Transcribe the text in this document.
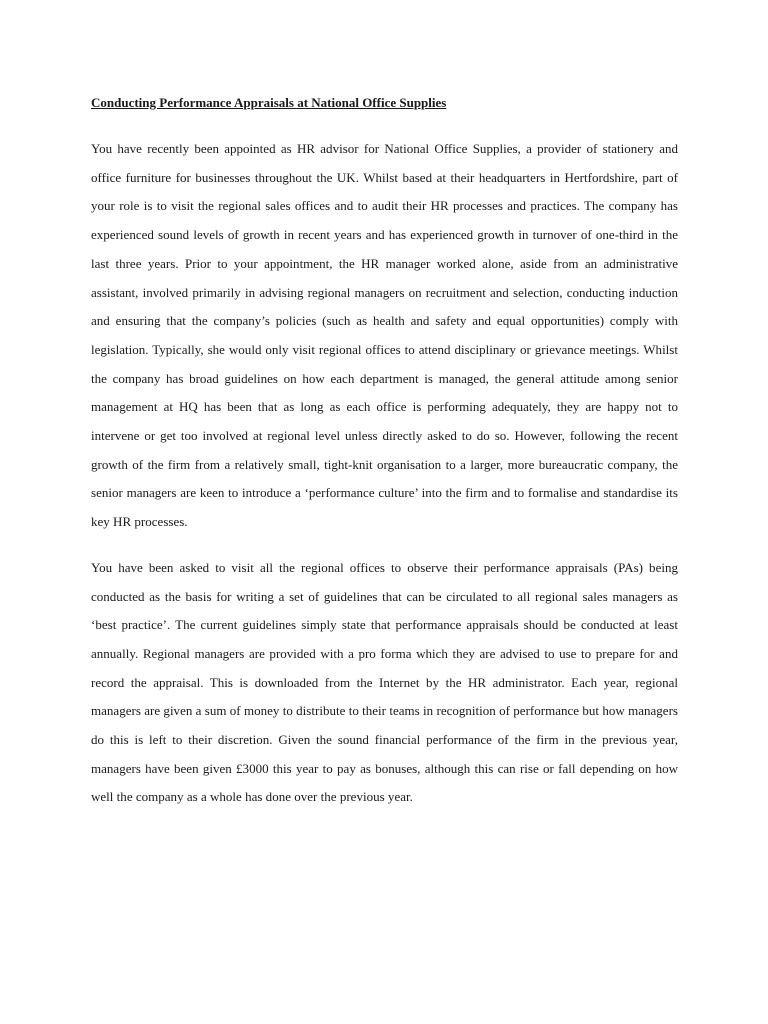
Conducting Performance Appraisals at National Office Supplies

You have recently been appointed as HR advisor for National Office Supplies, a provider of stationery and office furniture for businesses throughout the UK. Whilst based at their headquarters in Hertfordshire, part of your role is to visit the regional sales offices and to audit their HR processes and practices. The company has experienced sound levels of growth in recent years and has experienced growth in turnover of one-third in the last three years. Prior to your appointment, the HR manager worked alone, aside from an administrative assistant, involved primarily in advising regional managers on recruitment and selection, conducting induction and ensuring that the company’s policies (such as health and safety and equal opportunities) comply with legislation. Typically, she would only visit regional offices to attend disciplinary or grievance meetings. Whilst the company has broad guidelines on how each department is managed, the general attitude among senior management at HQ has been that as long as each office is performing adequately, they are happy not to intervene or get too involved at regional level unless directly asked to do so. However, following the recent growth of the firm from a relatively small, tight-knit organisation to a larger, more bureaucratic company, the senior managers are keen to introduce a ‘performance culture’ into the firm and to formalise and standardise its key HR processes.

You have been asked to visit all the regional offices to observe their performance appraisals (PAs) being conducted as the basis for writing a set of guidelines that can be circulated to all regional sales managers as ‘best practice’. The current guidelines simply state that performance appraisals should be conducted at least annually. Regional managers are provided with a pro forma which they are advised to use to prepare for and record the appraisal. This is downloaded from the Internet by the HR administrator. Each year, regional managers are given a sum of money to distribute to their teams in recognition of performance but how managers do this is left to their discretion. Given the sound financial performance of the firm in the previous year, managers have been given £3000 this year to pay as bonuses, although this can rise or fall depending on how well the company as a whole has done over the previous year.
